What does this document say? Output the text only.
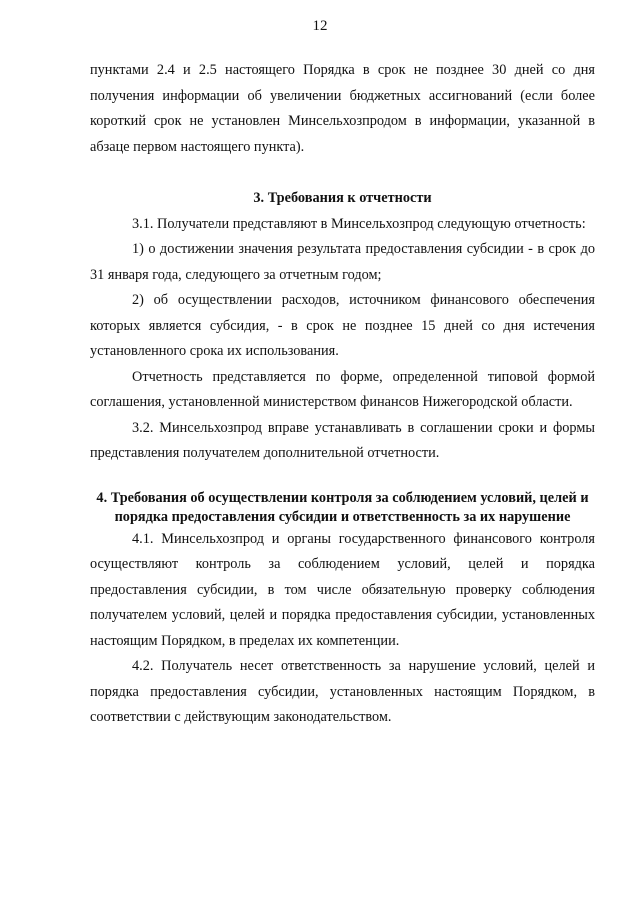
12

пунктами 2.4 и 2.5 настоящего Порядка в срок не позднее 30 дней со дня получения информации об увеличении бюджетных ассигнований (если более короткий срок не установлен Минсельхозпродом в информации, указанной в абзаце первом настоящего пункта).

3. Требования к отчетности

3.1. Получатели представляют в Минсельхозпрод следующую отчетность:

1) о достижении значения результата предоставления субсидии - в срок до 31 января года, следующего за отчетным годом;

2) об осуществлении расходов, источником финансового обеспечения которых является субсидия, - в срок не позднее 15 дней со дня истечения установленного срока их использования.

Отчетность представляется по форме, определенной типовой формой соглашения, установленной министерством финансов Нижегородской области.

3.2. Минсельхозпрод вправе устанавливать в соглашении сроки и формы представления получателем дополнительной отчетности.

4. Требования об осуществлении контроля за соблюдением условий, целей и порядка предоставления субсидии и ответственность за их нарушение

4.1. Минсельхозпрод и органы государственного финансового контроля осуществляют контроль за соблюдением условий, целей и порядка предоставления субсидии, в том числе обязательную проверку соблюдения получателем условий, целей и порядка предоставления субсидии, установленных настоящим Порядком, в пределах их компетенции.

4.2. Получатель несет ответственность за нарушение условий, целей и порядка предоставления субсидии, установленных настоящим Порядком, в соответствии с действующим законодательством.
